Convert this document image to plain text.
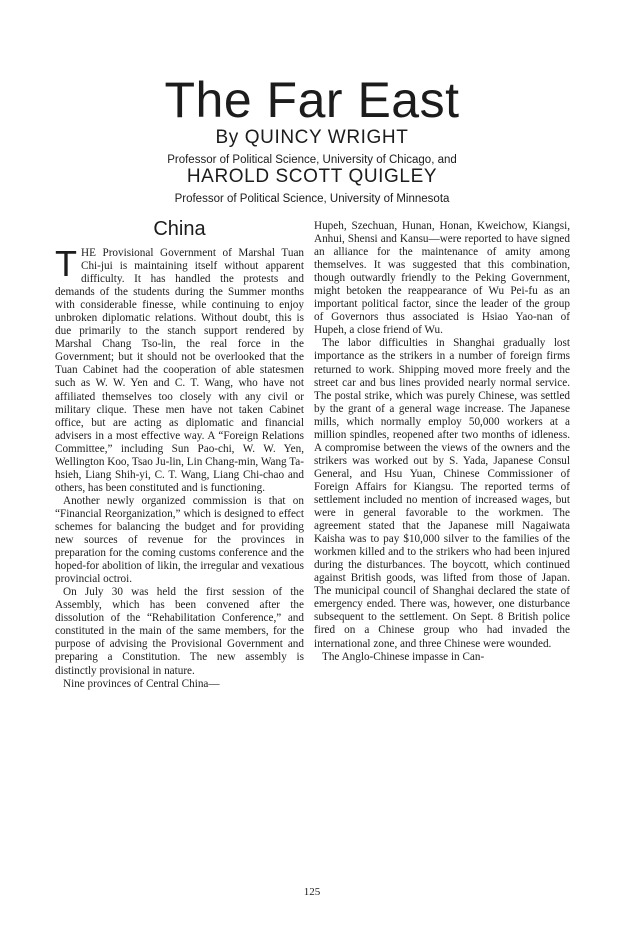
The Far East
By QUINCY WRIGHT
Professor of Political Science, University of Chicago, and
HAROLD SCOTT QUIGLEY
Professor of Political Science, University of Minnesota
China

THE Provisional Government of Marshal Tuan Chi-jui is maintaining itself without apparent difficulty. It has handled the protests and demands of the students during the Summer months with considerable finesse, while continuing to enjoy unbroken diplomatic relations. Without doubt, this is due primarily to the stanch support rendered by Marshal Chang Tso-lin, the real force in the Government; but it should not be overlooked that the Tuan Cabinet had the cooperation of able statesmen such as W. W. Yen and C. T. Wang, who have not affiliated themselves too closely with any civil or military clique. These men have not taken Cabinet office, but are acting as diplomatic and financial advisers in a most effective way. A “Foreign Relations Committee,” including Sun Pao-chi, W. W. Yen, Wellington Koo, Tsao Ju-lin, Lin Chang-min, Wang Ta-hsieh, Liang Shih-yi, C. T. Wang, Liang Chi-chao and others, has been constituted and is functioning.

Another newly organized commission is that on “Financial Reorganization,” which is designed to effect schemes for balancing the budget and for providing new sources of revenue for the provinces in preparation for the coming customs conference and the hoped-for abolition of likin, the irregular and vexatious provincial octroi.

On July 30 was held the first session of the Assembly, which has been convened after the dissolution of the “Rehabilitation Conference,” and constituted in the main of the same members, for the purpose of advising the Provisional Government and preparing a Constitution. The new assembly is distinctly provisional in nature.

Nine provinces of Central China—

Hupeh, Szechuan, Hunan, Honan, Kweichow, Kiangsi, Anhui, Shensi and Kansu—were reported to have signed an alliance for the maintenance of amity among themselves. It was suggested that this combination, though outwardly friendly to the Peking Government, might betoken the reappearance of Wu Pei-fu as an important political factor, since the leader of the group of Governors thus associated is Hsiao Yao-nan of Hupeh, a close friend of Wu.

The labor difficulties in Shanghai gradually lost importance as the strikers in a number of foreign firms returned to work. Shipping moved more freely and the street car and bus lines provided nearly normal service. The postal strike, which was purely Chinese, was settled by the grant of a general wage increase. The Japanese mills, which normally employ 50,000 workers at a million spindles, reopened after two months of idleness. A compromise between the views of the owners and the strikers was worked out by S. Yada, Japanese Consul General, and Hsu Yuan, Chinese Commissioner of Foreign Affairs for Kiangsu. The reported terms of settlement included no mention of increased wages, but were in general favorable to the workmen. The agreement stated that the Japanese mill Nagaiwata Kaisha was to pay $10,000 silver to the families of the workmen killed and to the strikers who had been injured during the disturbances. The boycott, which continued against British goods, was lifted from those of Japan. The municipal council of Shanghai declared the state of emergency ended. There was, however, one disturbance subsequent to the settlement. On Sept. 8 British police fired on a Chinese group who had invaded the international zone, and three Chinese were wounded.

The Anglo-Chinese impasse in Can-

125
